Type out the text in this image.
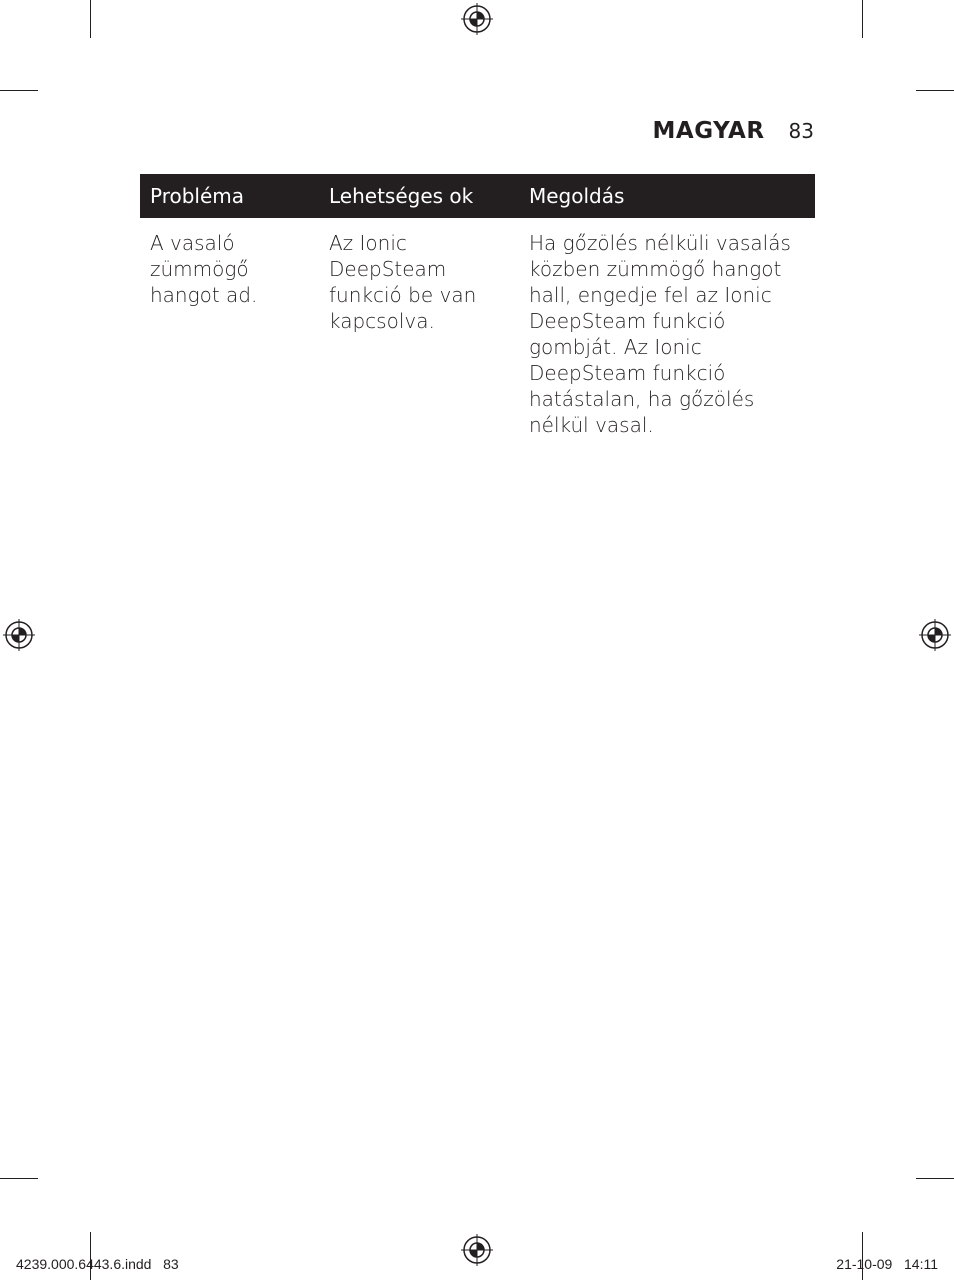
MAGYAR 83
Probléma	Lehetséges ok	Megoldás
A vasaló zümmögő hangot ad.	Az Ionic DeepSteam funkció be van kapcsolva.	Ha gőzölés nélküli vasalás közben zümmögő hangot hall, engedje fel az Ionic DeepSteam funkció gombját. Az Ionic DeepSteam funkció hatástalan, ha gőzölés nélkül vasal.
4239.000.6443.6.indd   83	21-10-09   14:11
